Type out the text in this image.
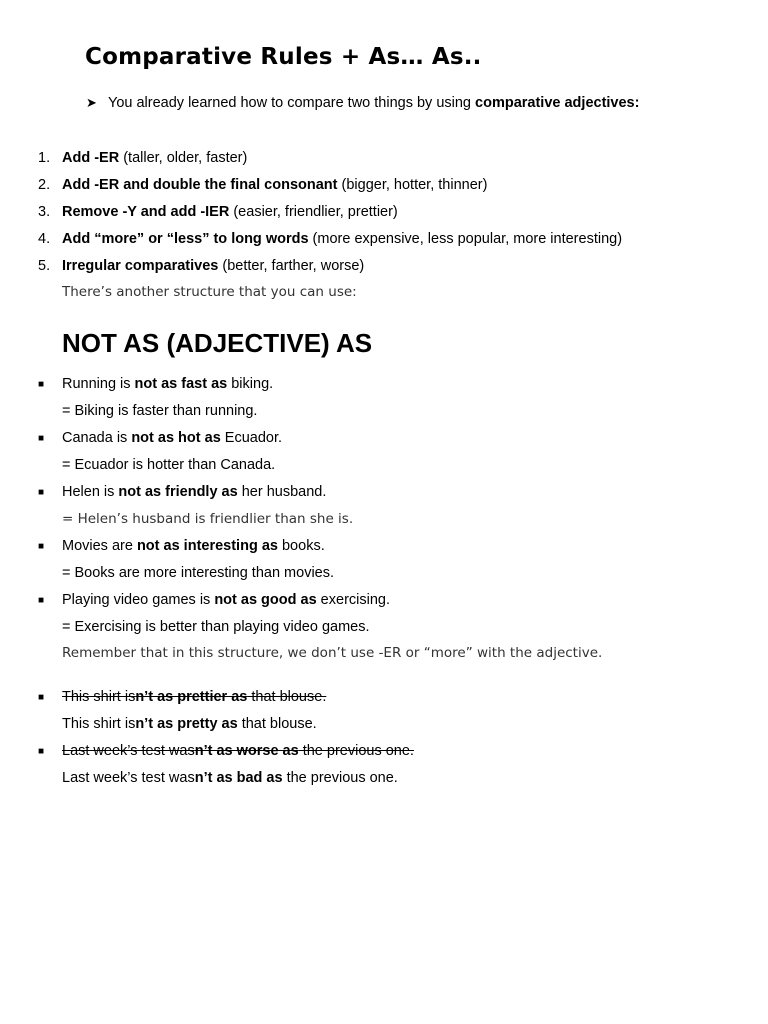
Comparative Rules + As… As..
➤ You already learned how to compare two things by using comparative adjectives:
1. Add -ER (taller, older, faster)
2. Add -ER and double the final consonant (bigger, hotter, thinner)
3. Remove -Y and add -IER (easier, friendlier, prettier)
4. Add “more” or “less” to long words (more expensive, less popular, more interesting)
5. Irregular comparatives (better, farther, worse)
There’s another structure that you can use:
NOT AS (ADJECTIVE) AS
■ Running is not as fast as biking.
= Biking is faster than running.
■ Canada is not as hot as Ecuador.
= Ecuador is hotter than Canada.
■ Helen is not as friendly as her husband.
= Helen’s husband is friendlier than she is.
■ Movies are not as interesting as books.
= Books are more interesting than movies.
■ Playing video games is not as good as exercising.
= Exercising is better than playing video games.
Remember that in this structure, we don’t use -ER or “more” with the adjective.
■ This shirt isn’t as prettier as that blouse.
This shirt isn’t as pretty as that blouse.
■ Last week’s test wasn’t as worse as the previous one.
Last week’s test wasn’t as bad as the previous one.
